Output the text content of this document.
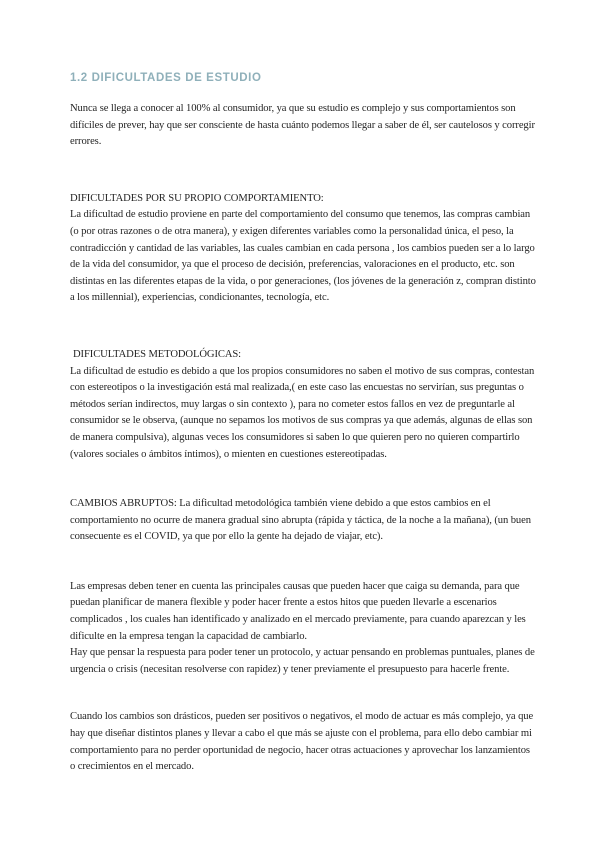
1.2 DIFICULTADES DE ESTUDIO

Nunca se llega a conocer al 100% al consumidor, ya que su estudio es complejo y sus comportamientos son difíciles de prever, hay que ser consciente de hasta cuánto podemos llegar a saber de él, ser cautelosos y corregir errores.

DIFICULTADES POR SU PROPIO COMPORTAMIENTO:

La dificultad de estudio proviene en parte del comportamiento del consumo que tenemos, las compras cambian (o por otras razones o de otra manera), y exigen diferentes variables como la personalidad única, el peso, la contradicción y cantidad de las variables, las cuales cambian en cada persona , los cambios pueden ser a lo largo de la vida del consumidor, ya que el proceso de decisión, preferencias, valoraciones en el producto, etc. son distintas en las diferentes etapas de la vida, o por generaciones, (los jóvenes de la generación z, compran distinto a los millennial), experiencias, condicionantes, tecnología, etc.

DIFICULTADES METODOLÓGICAS:

La dificultad de estudio es debido a que los propios consumidores no saben el motivo de sus compras, contestan con estereotipos o la investigación está mal realizada,( en este caso las encuestas no servirían, sus preguntas o métodos serían indirectos, muy largas o sin contexto ), para no cometer estos fallos en vez de preguntarle al consumidor se le observa, (aunque no sepamos los motivos de sus compras ya que además, algunas de ellas son de manera compulsiva), algunas veces los consumidores si saben lo que quieren pero no quieren compartirlo (valores sociales o ámbitos íntimos), o mienten en cuestiones estereotipadas.

CAMBIOS ABRUPTOS: La dificultad metodológica también viene debido a que estos cambios en el comportamiento no ocurre de manera gradual sino abrupta (rápida y táctica, de la noche a la mañana), (un buen consecuente es el COVID, ya que por ello la gente ha dejado de viajar, etc).

Las empresas deben tener en cuenta las principales causas que pueden hacer que caiga su demanda, para que puedan planificar de manera flexible y poder hacer frente a estos hitos que pueden llevarle a escenarios complicados , los cuales han identificado y analizado en el mercado previamente, para cuando aparezcan y les dificulte en la empresa tengan la capacidad de cambiarlo.

Hay que pensar la respuesta para poder tener un protocolo, y actuar pensando en problemas puntuales, planes de urgencia o crisis (necesitan resolverse con rapidez) y tener previamente el presupuesto para hacerle frente.

Cuando los cambios son drásticos, pueden ser positivos o negativos, el modo de actuar es más complejo, ya que hay que diseñar distintos planes y llevar a cabo el que más se ajuste con el problema, para ello debo cambiar mi comportamiento para no perder oportunidad de negocio, hacer otras actuaciones y aprovechar los lanzamientos o crecimientos en el mercado.
